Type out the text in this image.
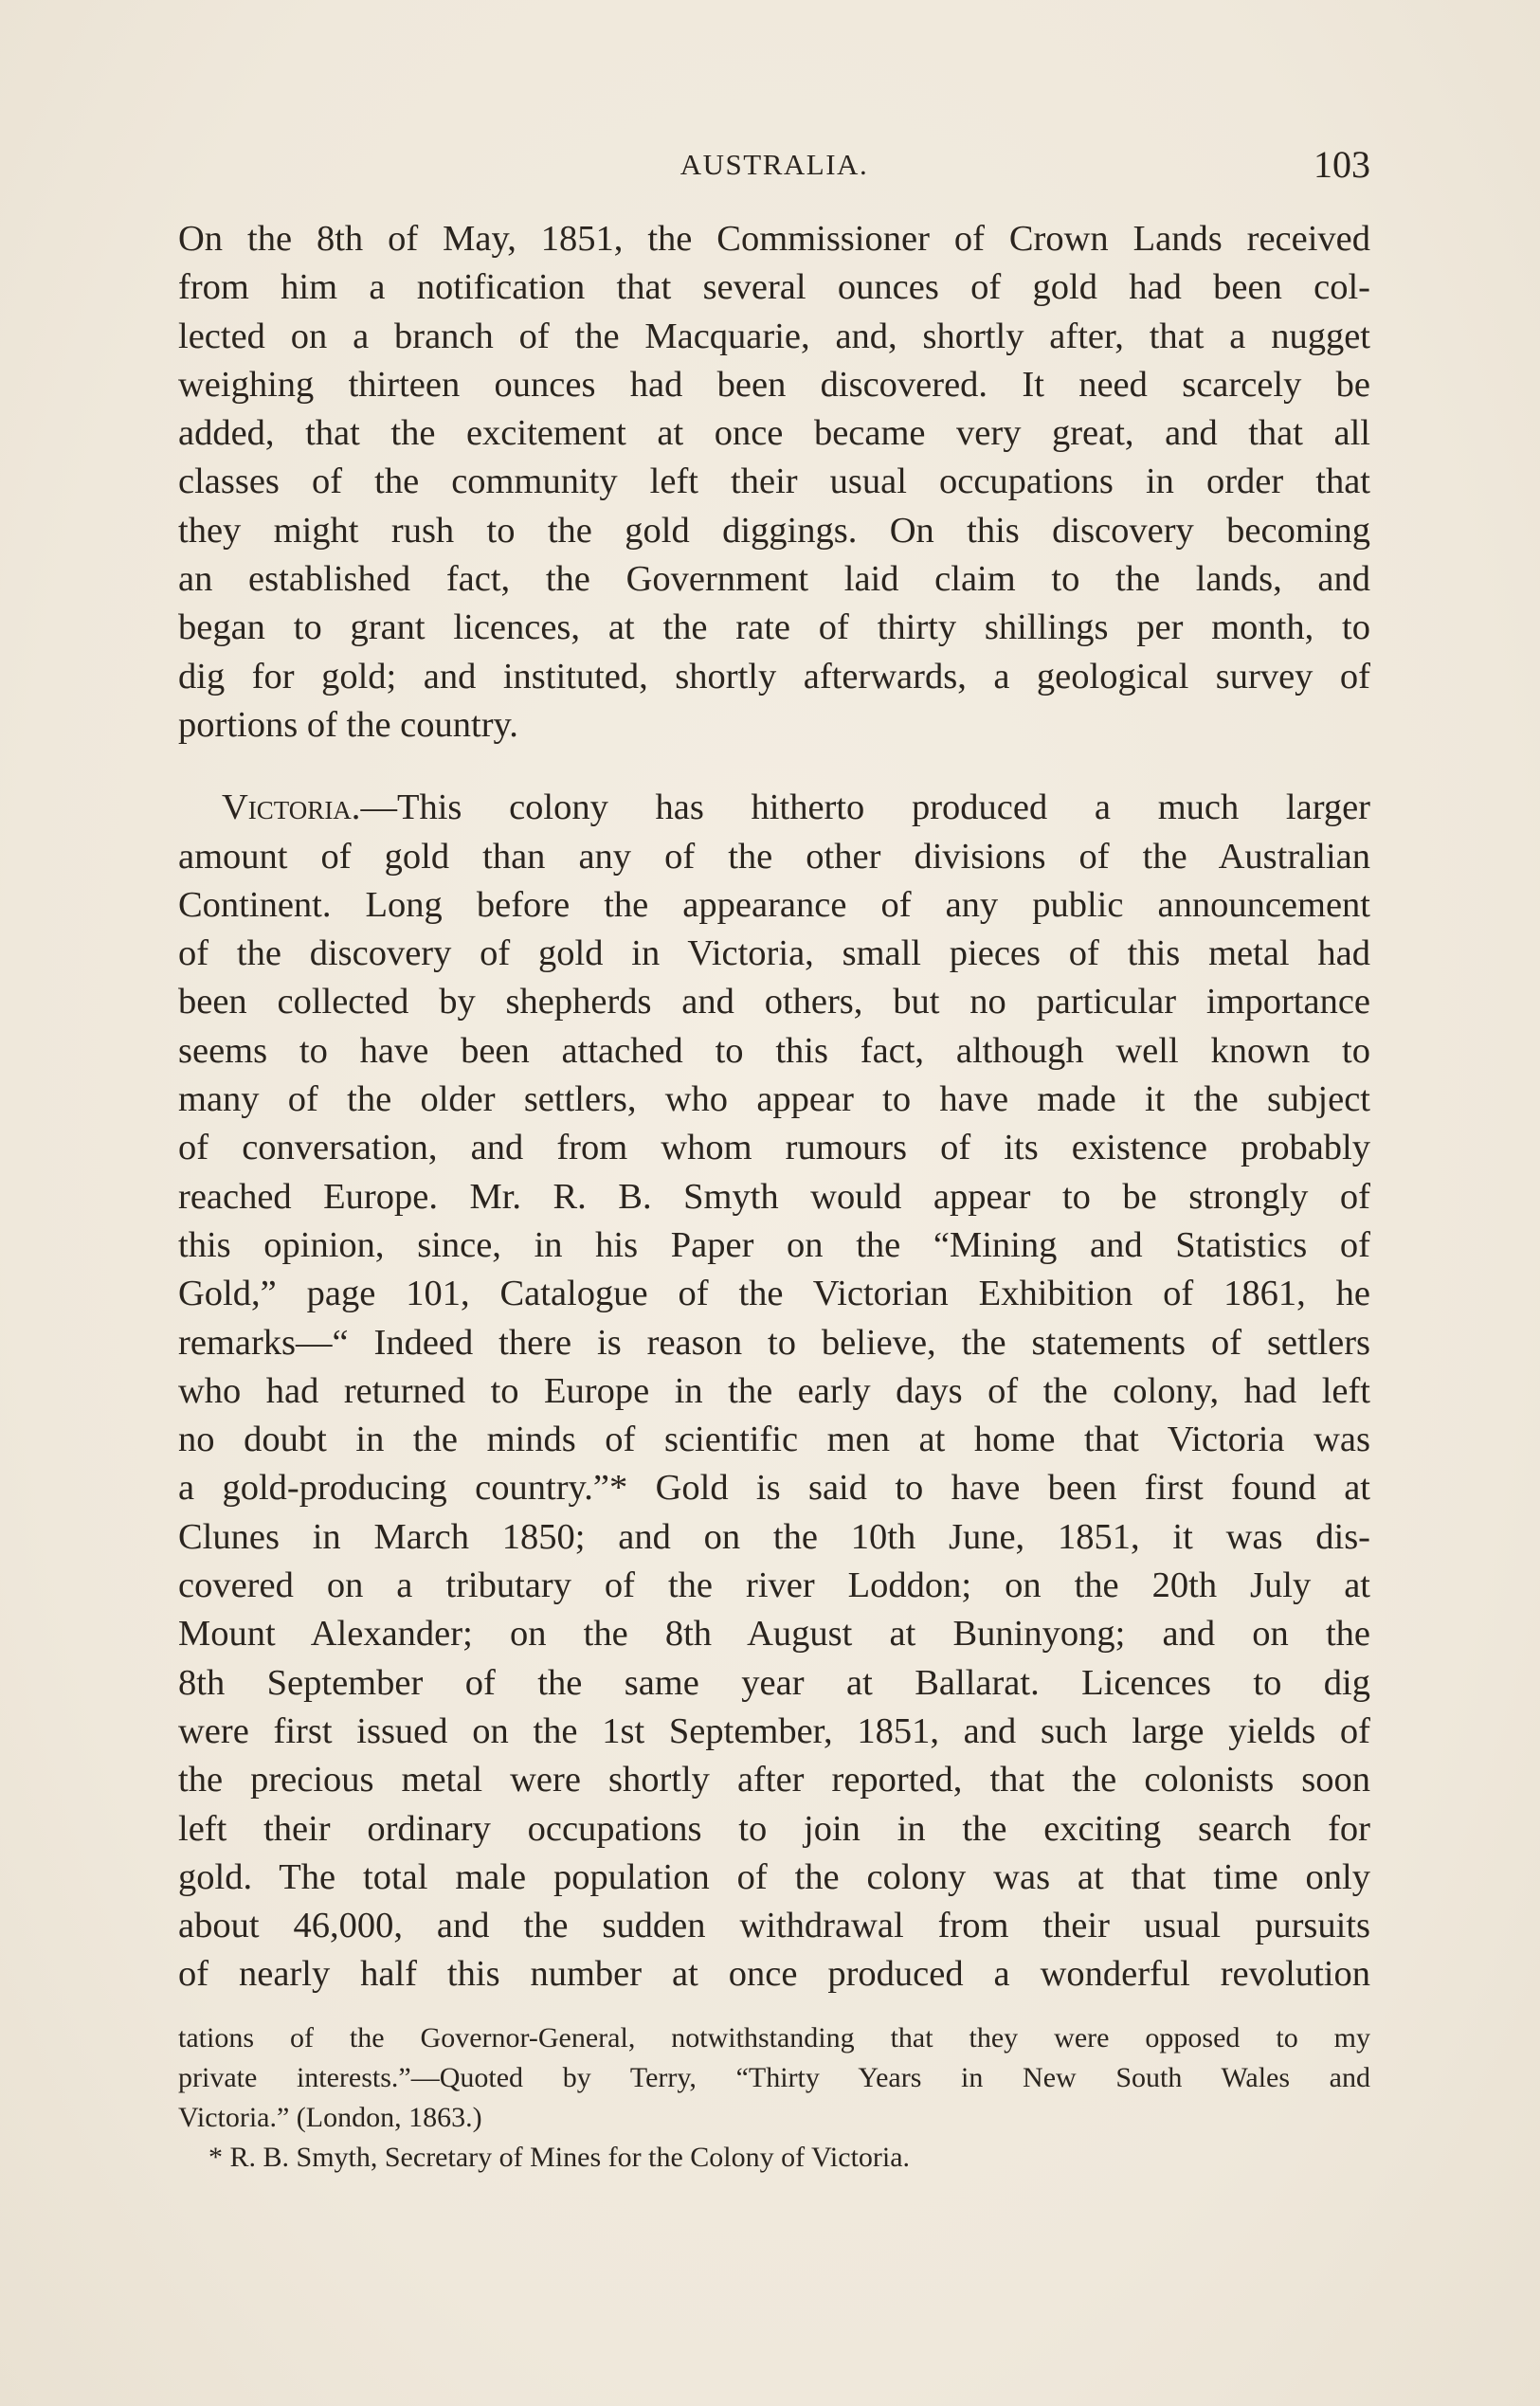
AUSTRALIA.	103
On the 8th of May, 1851, the Commissioner of Crown Lands received
from him a notification that several ounces of gold had been col-
lected on a branch of the Macquarie, and, shortly after, that a nugget
weighing thirteen ounces had been discovered. It need scarcely be
added, that the excitement at once became very great, and that all
classes of the community left their usual occupations in order that
they might rush to the gold diggings. On this discovery becoming
an established fact, the Government laid claim to the lands, and
began to grant licences, at the rate of thirty shillings per month, to
dig for gold; and instituted, shortly afterwards, a geological survey of
portions of the country.
Victoria.—This colony has hitherto produced a much larger
amount of gold than any of the other divisions of the Australian
Continent. Long before the appearance of any public announcement
of the discovery of gold in Victoria, small pieces of this metal had
been collected by shepherds and others, but no particular importance
seems to have been attached to this fact, although well known to
many of the older settlers, who appear to have made it the subject
of conversation, and from whom rumours of its existence probably
reached Europe. Mr. R. B. Smyth would appear to be strongly of
this opinion, since, in his Paper on the “Mining and Statistics of
Gold,” page 101, Catalogue of the Victorian Exhibition of 1861, he
remarks—“ Indeed there is reason to believe, the statements of settlers
who had returned to Europe in the early days of the colony, had left
no doubt in the minds of scientific men at home that Victoria was
a gold-producing country.”* Gold is said to have been first found at
Clunes in March 1850; and on the 10th June, 1851, it was dis-
covered on a tributary of the river Loddon; on the 20th July at
Mount Alexander; on the 8th August at Buninyong; and on the
8th September of the same year at Ballarat. Licences to dig
were first issued on the 1st September, 1851, and such large yields of
the precious metal were shortly after reported, that the colonists soon
left their ordinary occupations to join in the exciting search for
gold. The total male population of the colony was at that time only
about 46,000, and the sudden withdrawal from their usual pursuits
of nearly half this number at once produced a wonderful revolution
tations of the Governor-General, notwithstanding that they were opposed to my
private interests.”—Quoted by Terry, “Thirty Years in New South Wales and
Victoria.” (London, 1863.)
* R. B. Smyth, Secretary of Mines for the Colony of Victoria.
